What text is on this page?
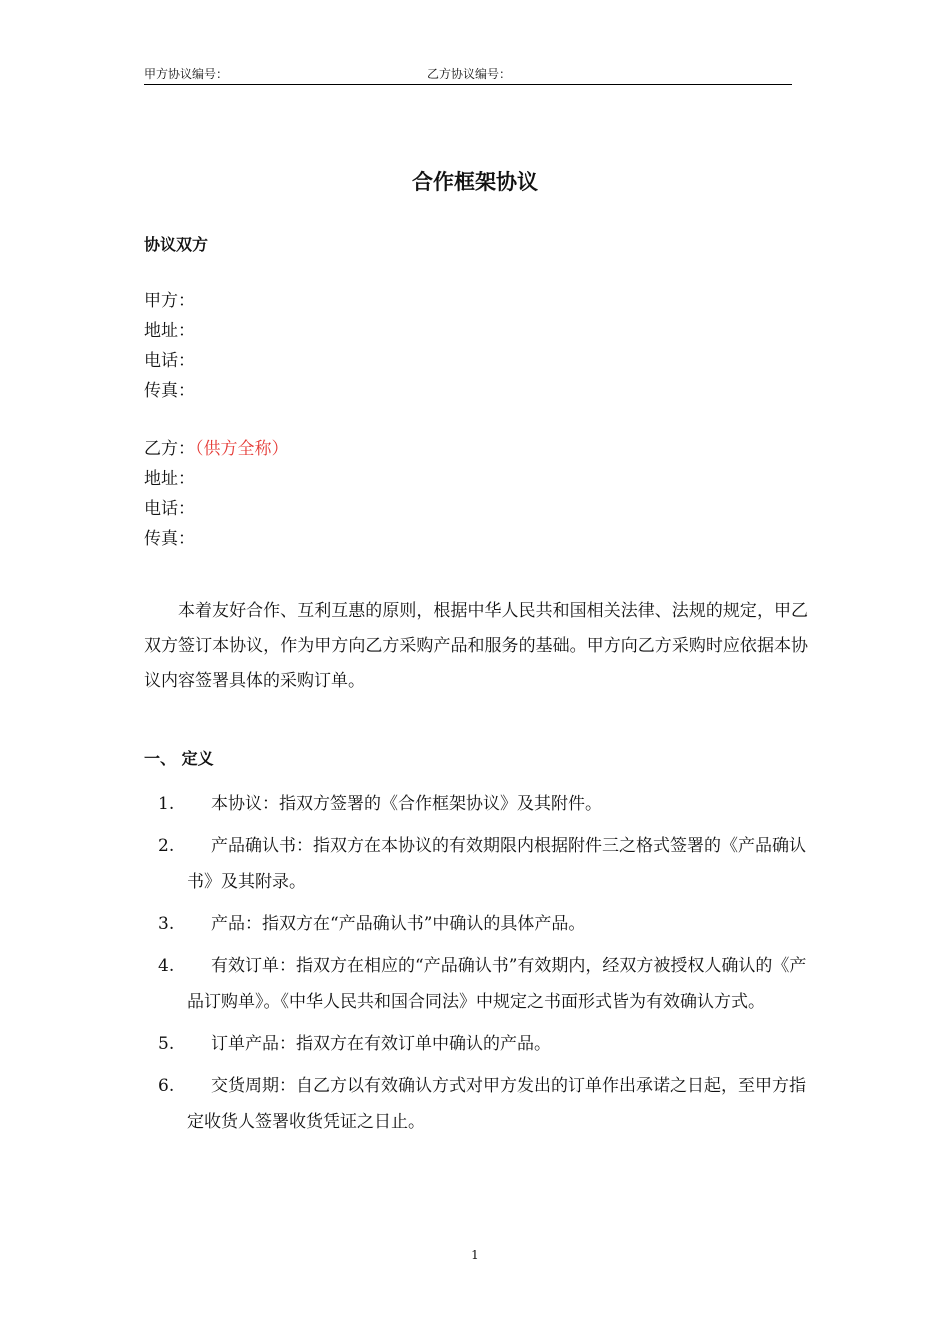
甲方协议编号：	乙方协议编号：
合作框架协议
协议双方
甲方：
地址：
电话：
传真：
乙方：（供方全称）
地址：
电话：
传真：
本着友好合作、互利互惠的原则，根据中华人民共和国相关法律、法规的规定，甲乙双方签订本协议，作为甲方向乙方采购产品和服务的基础。甲方向乙方采购时应依据本协议内容签署具体的采购订单。
一、 定义
1.	本协议：指双方签署的《合作框架协议》及其附件。
2.	产品确认书：指双方在本协议的有效期限内根据附件三之格式签署的《产品确认书》及其附录。
3.	产品：指双方在“产品确认书”中确认的具体产品。
4.	有效订单：指双方在相应的“产品确认书”有效期内，经双方被授权人确认的《产品订购单》。《中华人民共和国合同法》中规定之书面形式皆为有效确认方式。
5.	订单产品：指双方在有效订单中确认的产品。
6.	交货周期：自乙方以有效确认方式对甲方发出的订单作出承诺之日起，至甲方指定收货人签署收货凭证之日止。
1
